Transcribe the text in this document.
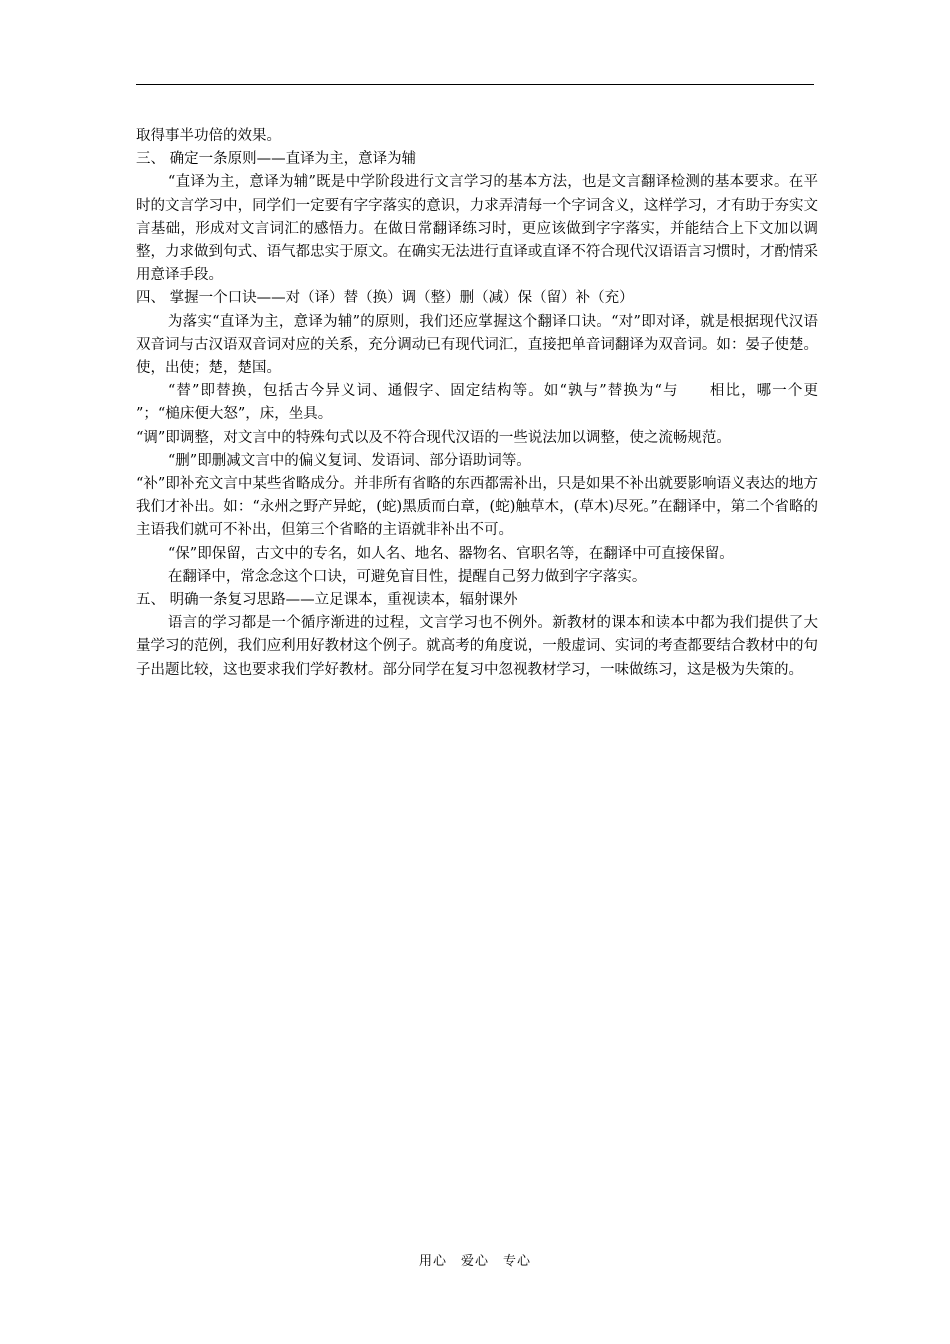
取得事半功倍的效果。

三、 确定一条原则——直译为主，意译为辅

“直译为主，意译为辅”既是中学阶段进行文言学习的基本方法，也是文言翻译检测的基本要求。在平时的文言学习中，同学们一定要有字字落实的意识，力求弄清每一个字词含义，这样学习，才有助于夯实文言基础，形成对文言词汇的感悟力。在做日常翻译练习时，更应该做到字字落实，并能结合上下文加以调整，力求做到句式、语气都忠实于原文。在确实无法进行直译或直译不符合现代汉语语言习惯时，才酌情采用意译手段。

四、 掌握一个口诀——对（译）替（换）调（整）删（减）保（留）补（充）

为落实“直译为主，意译为辅”的原则，我们还应掌握这个翻译口诀。“对”即对译，就是根据现代汉语双音词与古汉语双音词对应的关系，充分调动已有现代词汇，直接把单音词翻译为双音词。如：晏子使楚。使，出使；楚，楚国。

“替”即替换，包括古今异义词、通假字、固定结构等。如“孰与”替换为“与　　相比，哪一个更　　”；“槌床便大怒”，床，坐具。

“调”即调整，对文言中的特殊句式以及不符合现代汉语的一些说法加以调整，使之流畅规范。

“删”即删减文言中的偏义复词、发语词、部分语助词等。

“补”即补充文言中某些省略成分。并非所有省略的东西都需补出，只是如果不补出就要影响语义表达的地方我们才补出。如：“永州之野产异蛇，(蛇)黑质而白章，(蛇)触草木，(草木)尽死。”在翻译中，第二个省略的主语我们就可不补出，但第三个省略的主语就非补出不可。

“保”即保留，古文中的专名，如人名、地名、器物名、官职名等，在翻译中可直接保留。

在翻译中，常念念这个口诀，可避免盲目性，提醒自己努力做到字字落实。

五、 明确一条复习思路——立足课本，重视读本，辐射课外

语言的学习都是一个循序渐进的过程，文言学习也不例外。新教材的课本和读本中都为我们提供了大量学习的范例，我们应利用好教材这个例子。就高考的角度说，一般虚词、实词的考查都要结合教材中的句子出题比较，这也要求我们学好教材。部分同学在复习中忽视教材学习，一味做练习，这是极为失策的。

用心　爱心　专心
